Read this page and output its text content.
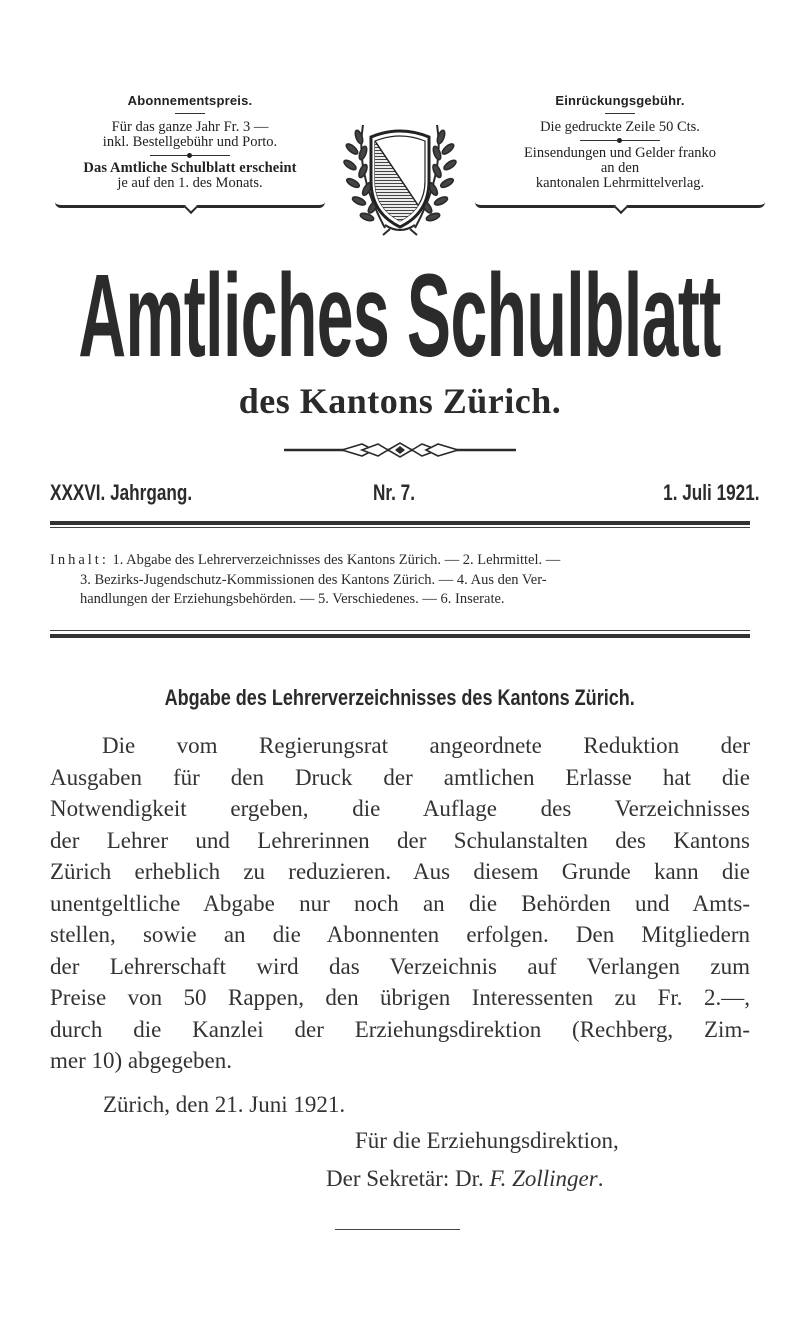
Abonnementspreis.
Für das ganze Jahr Fr. 3 —
inkl. Bestellgebühr und Porto.
Das Amtliche Schulblatt erscheint
je auf den 1. des Monats.
Einrückungsgebühr.
Die gedruckte Zeile 50 Cts.
Einsendungen und Gelder franko
an den
kantonalen Lehrmittelverlag.
Amtliches Schulblatt
des Kantons Zürich.
XXXVI. Jahrgang.	Nr. 7.	1. Juli 1921.
Inhalt: 1. Abgabe des Lehrerverzeichnisses des Kantons Zürich. — 2. Lehrmittel. —
3. Bezirks-Jugendschutz-Kommissionen des Kantons Zürich. — 4. Aus den Ver-
handlungen der Erziehungsbehörden. — 5. Verschiedenes. — 6. Inserate.
Abgabe des Lehrerverzeichnisses des Kantons Zürich.
Die vom Regierungsrat angeordnete Reduktion der
Ausgaben für den Druck der amtlichen Erlasse hat die
Notwendigkeit ergeben, die Auflage des Verzeichnisses
der Lehrer und Lehrerinnen der Schulanstalten des Kantons
Zürich erheblich zu reduzieren. Aus diesem Grunde kann die
unentgeltliche Abgabe nur noch an die Behörden und Amts-
stellen, sowie an die Abonnenten erfolgen. Den Mitgliedern
der Lehrerschaft wird das Verzeichnis auf Verlangen zum
Preise von 50 Rappen, den übrigen Interessenten zu Fr. 2.—,
durch die Kanzlei der Erziehungsdirektion (Rechberg, Zim-
mer 10) abgegeben.
Zürich, den 21. Juni 1921.
Für die Erziehungsdirektion,
Der Sekretär: Dr. F. Zollinger.
